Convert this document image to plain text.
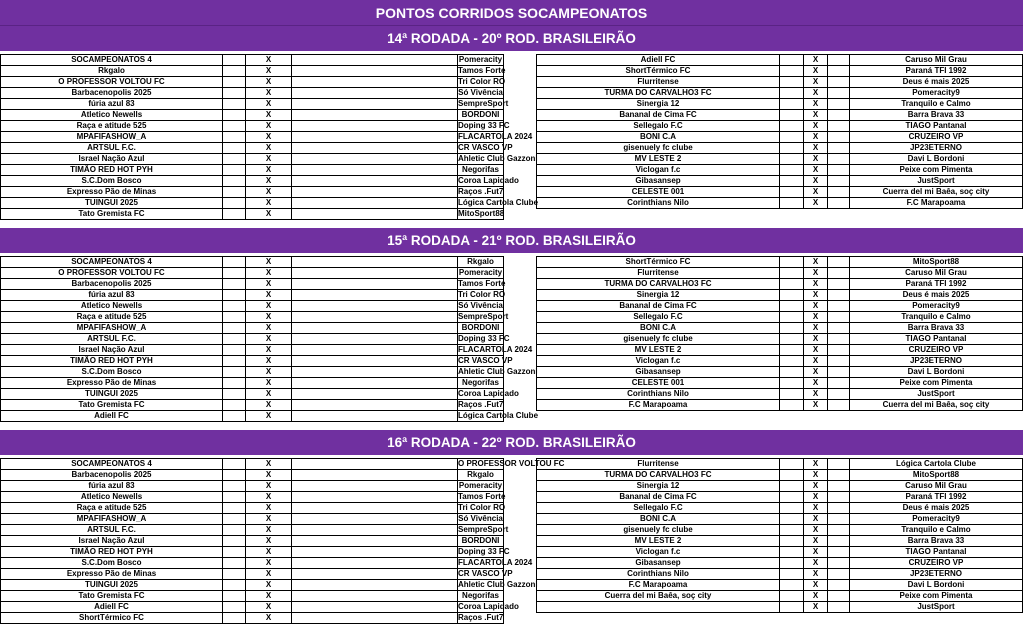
PONTOS CORRIDOS SOCAMPEONATOS
14ª RODADA - 20º ROD. BRASILEIRÃO
SOCAMPEONATOS 4		X		Pomeracity
Rkgalo		X		Tamos Forte
O PROFESSOR VOLTOU FC		X		Tri Color RO
Barbacenopolis 2025		X		Só Vivência
fúria azul 83		X		SempreSport
Atletico Newells		X		BORDONI
Raça e atitude 525		X		Doping 33 FC
MPAFIFASHOW_A		X		FLACARTOLA 2024
ARTSUL F.C.		X		CR VASCO VP
Israel Nação Azul		X		Ahletic Club Gazzoni
TIMÃO RED HOT PYH		X		Negorifas
S.C.Dom Bosco		X		Coroa Lapidado
Expresso Pão de Minas		X		Raços .Fut7
TUINGUI 2025		X		Lógica Cartola Clube
Tato Gremista FC		X		MitoSport88
Adiell FC		X		Caruso Mil Grau
ShortTérmico FC		X		Paraná TFI 1992
Flurritense		X		Deus é mais 2025
TURMA DO CARVALHO3 FC		X		Pomeracity9
Sinergia 12		X		Tranquilo e Calmo
Bananal de Cima FC		X		Barra Brava 33
Sellegalo F.C		X		TIAGO Pantanal
BONI C.A		X		CRUZEIRO VP
gisenuely fc clube		X		JP23ETERNO
MV LESTE 2		X		Davi L Bordoni
Viclogan f.c		X		Peixe com Pimenta
Gibasansep		X		JustSport
CELESTE 001		X		Cuerra del mi Baêa, soç city
Corinthians Nilo		X		F.C Marapoama
15ª RODADA - 21º ROD. BRASILEIRÃO
SOCAMPEONATOS 4		X		Rkgalo
O PROFESSOR VOLTOU FC		X		Pomeracity
Barbacenopolis 2025		X		Tamos Forte
fúria azul 83		X		Tri Color RO
Atletico Newells		X		Só Vivência
Raça e atitude 525		X		SempreSport
MPAFIFASHOW_A		X		BORDONI
ARTSUL F.C.		X		Doping 33 FC
Israel Nação Azul		X		FLACARTOLA 2024
TIMÃO RED HOT PYH		X		CR VASCO VP
S.C.Dom Bosco		X		Ahletic Club Gazzoni
Expresso Pão de Minas		X		Negorifas
TUINGUI 2025		X		Coroa Lapidado
Tato Gremista FC		X		Raços .Fut7
Adiell FC		X		Lógica Cartola Clube
ShortTérmico FC		X		MitoSport88
Flurritense		X		Caruso Mil Grau
TURMA DO CARVALHO3 FC		X		Paraná TFI 1992
Sinergia 12		X		Deus é mais 2025
Bananal de Cima FC		X		Pomeracity9
Sellegalo F.C		X		Tranquilo e Calmo
BONI C.A		X		Barra Brava 33
gisenuely fc clube		X		TIAGO Pantanal
MV LESTE 2		X		CRUZEIRO VP
Viclogan f.c		X		JP23ETERNO
Gibasansep		X		Davi L Bordoni
CELESTE 001		X		Peixe com Pimenta
Corinthians Nilo		X		JustSport
F.C Marapoama		X		Cuerra del mi Baêa, soç city
16ª RODADA - 22º ROD. BRASILEIRÃO
SOCAMPEONATOS 4		X		O PROFESSOR VOLTOU FC
Barbacenopolis 2025		X		Rkgalo
fúria azul 83		X		Pomeracity
Atletico Newells		X		Tamos Forte
Raça e atitude 525		X		Tri Color RO
MPAFIFASHOW_A		X		Só Vivência
ARTSUL F.C.		X		SempreSport
Israel Nação Azul		X		BORDONI
TIMÃO RED HOT PYH		X		Doping 33 FC
S.C.Dom Bosco		X		FLACARTOLA 2024
Expresso Pão de Minas		X		CR VASCO VP
TUINGUI 2025		X		Ahletic Club Gazzoni
Tato Gremista FC		X		Negorifas
Adiell FC		X		Coroa Lapidado
ShortTérmico FC		X		Raços .Fut7
Flurritense		X		Lógica Cartola Clube
TURMA DO CARVALHO3 FC		X		MitoSport88
Sinergia 12		X		Caruso Mil Grau
Bananal de Cima FC		X		Paraná TFI 1992
Sellegalo F.C		X		Deus é mais 2025
BONI C.A		X		Pomeracity9
gisenuely fc clube		X		Tranquilo e Calmo
MV LESTE 2		X		Barra Brava 33
Viclogan f.c		X		TIAGO Pantanal
Gibasansep		X		CRUZEIRO VP
Corinthians Nilo		X		JP23ETERNO
F.C Marapoama		X		Davi L Bordoni
Cuerra del mi Baêa, soç city		X		Peixe com Pimenta
		X		JustSport
